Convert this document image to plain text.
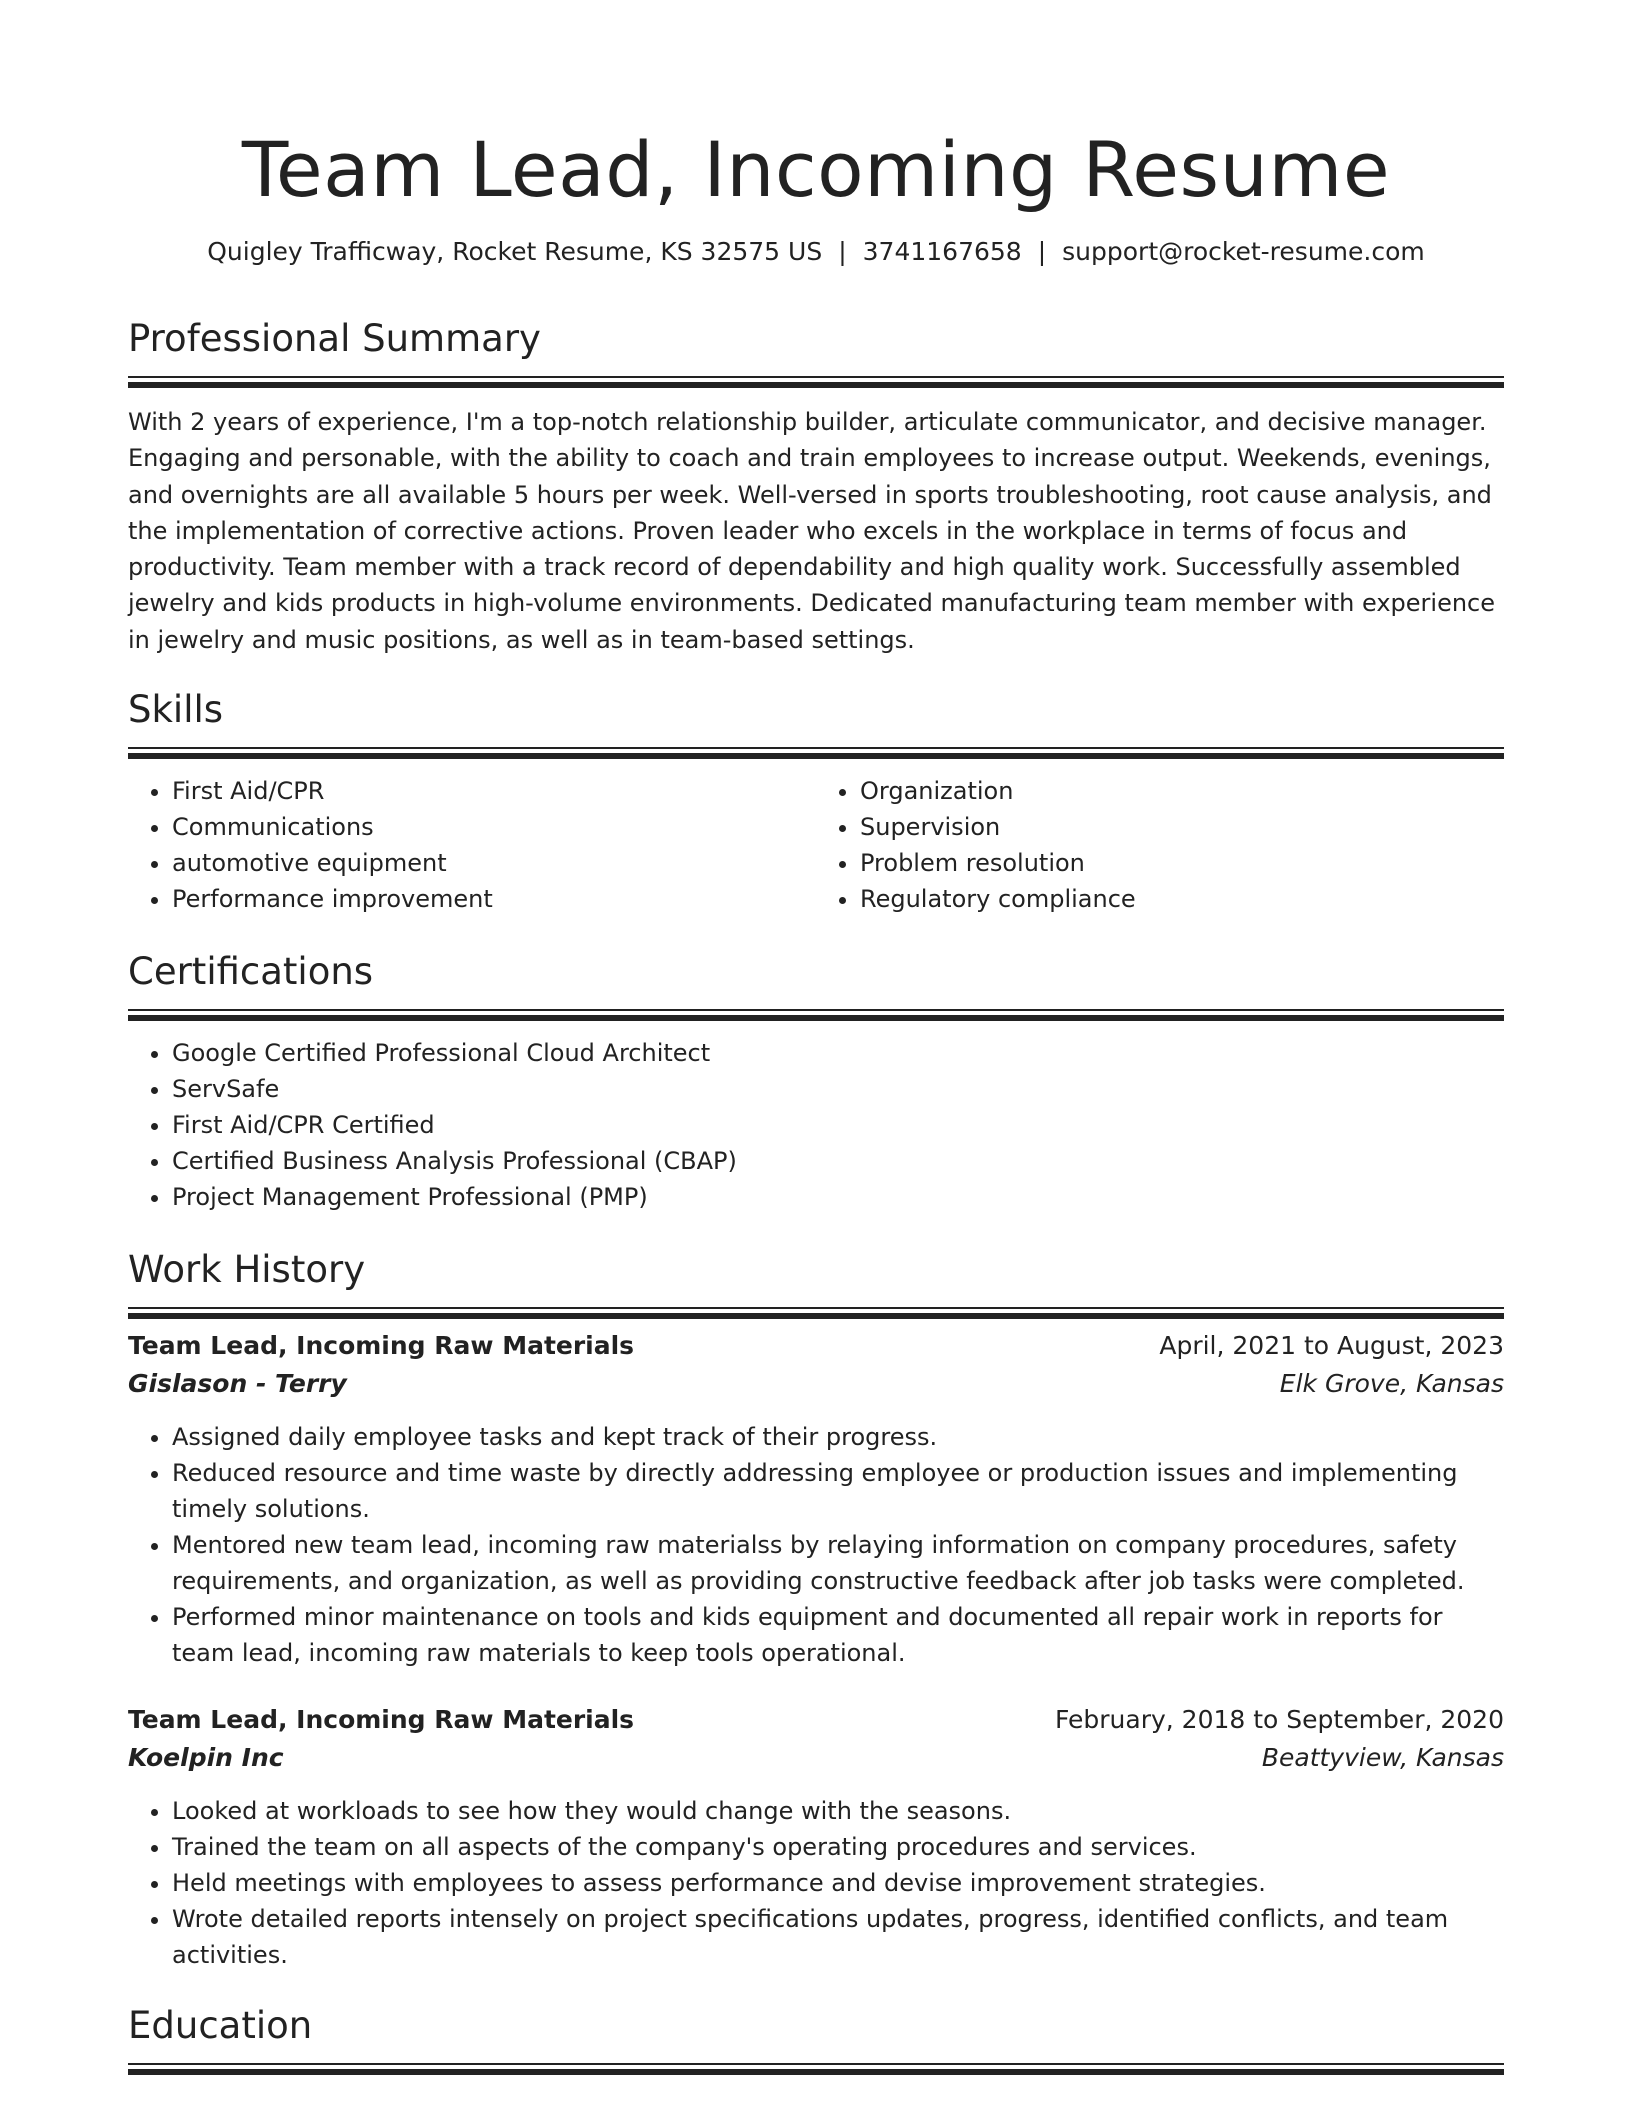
Team Lead, Incoming Resume
Quigley Trafficway, Rocket Resume, KS 32575 US | 3741167658 | support@rocket-resume.com
Professional Summary

With 2 years of experience, I'm a top-notch relationship builder, articulate communicator, and decisive manager. Engaging and personable, with the ability to coach and train employees to increase output. Weekends, evenings, and overnights are all available 5 hours per week. Well-versed in sports troubleshooting, root cause analysis, and the implementation of corrective actions. Proven leader who excels in the workplace in terms of focus and productivity. Team member with a track record of dependability and high quality work. Successfully assembled jewelry and kids products in high-volume environments. Dedicated manufacturing team member with experience in jewelry and music positions, as well as in team-based settings.

Skills
• First Aid/CPR
• Communications
• automotive equipment
• Performance improvement
• Organization
• Supervision
• Problem resolution
• Regulatory compliance
Certifications
• Google Certified Professional Cloud Architect
• ServSafe
• First Aid/CPR Certified
• Certified Business Analysis Professional (CBAP)
• Project Management Professional (PMP)
Work History
Team Lead, Incoming Raw Materials	April, 2021 to August, 2023
Gislason - Terry	Elk Grove, Kansas
• Assigned daily employee tasks and kept track of their progress.
• Reduced resource and time waste by directly addressing employee or production issues and implementing timely solutions.
• Mentored new team lead, incoming raw materialss by relaying information on company procedures, safety requirements, and organization, as well as providing constructive feedback after job tasks were completed.
• Performed minor maintenance on tools and kids equipment and documented all repair work in reports for team lead, incoming raw materials to keep tools operational.
Team Lead, Incoming Raw Materials	February, 2018 to September, 2020
Koelpin Inc	Beattyview, Kansas
• Looked at workloads to see how they would change with the seasons.
• Trained the team on all aspects of the company's operating procedures and services.
• Held meetings with employees to assess performance and devise improvement strategies.
• Wrote detailed reports intensely on project specifications updates, progress, identified conflicts, and team activities.
Education
